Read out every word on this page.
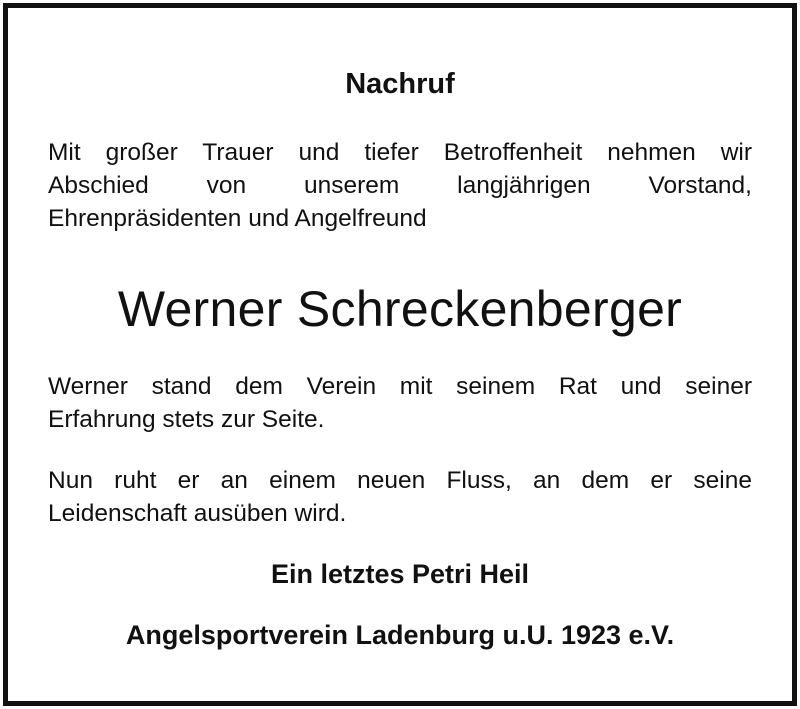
Nachruf
Mit großer Trauer und tiefer Betroffenheit nehmen wir
Abschied von unserem langjährigen Vorstand,
Ehrenpräsidenten und Angelfreund
Werner Schreckenberger
Werner stand dem Verein mit seinem Rat und seiner
Erfahrung stets zur Seite.
Nun ruht er an einem neuen Fluss, an dem er seine
Leidenschaft ausüben wird.
Ein letztes Petri Heil
Angelsportverein Ladenburg u.U. 1923 e.V.
